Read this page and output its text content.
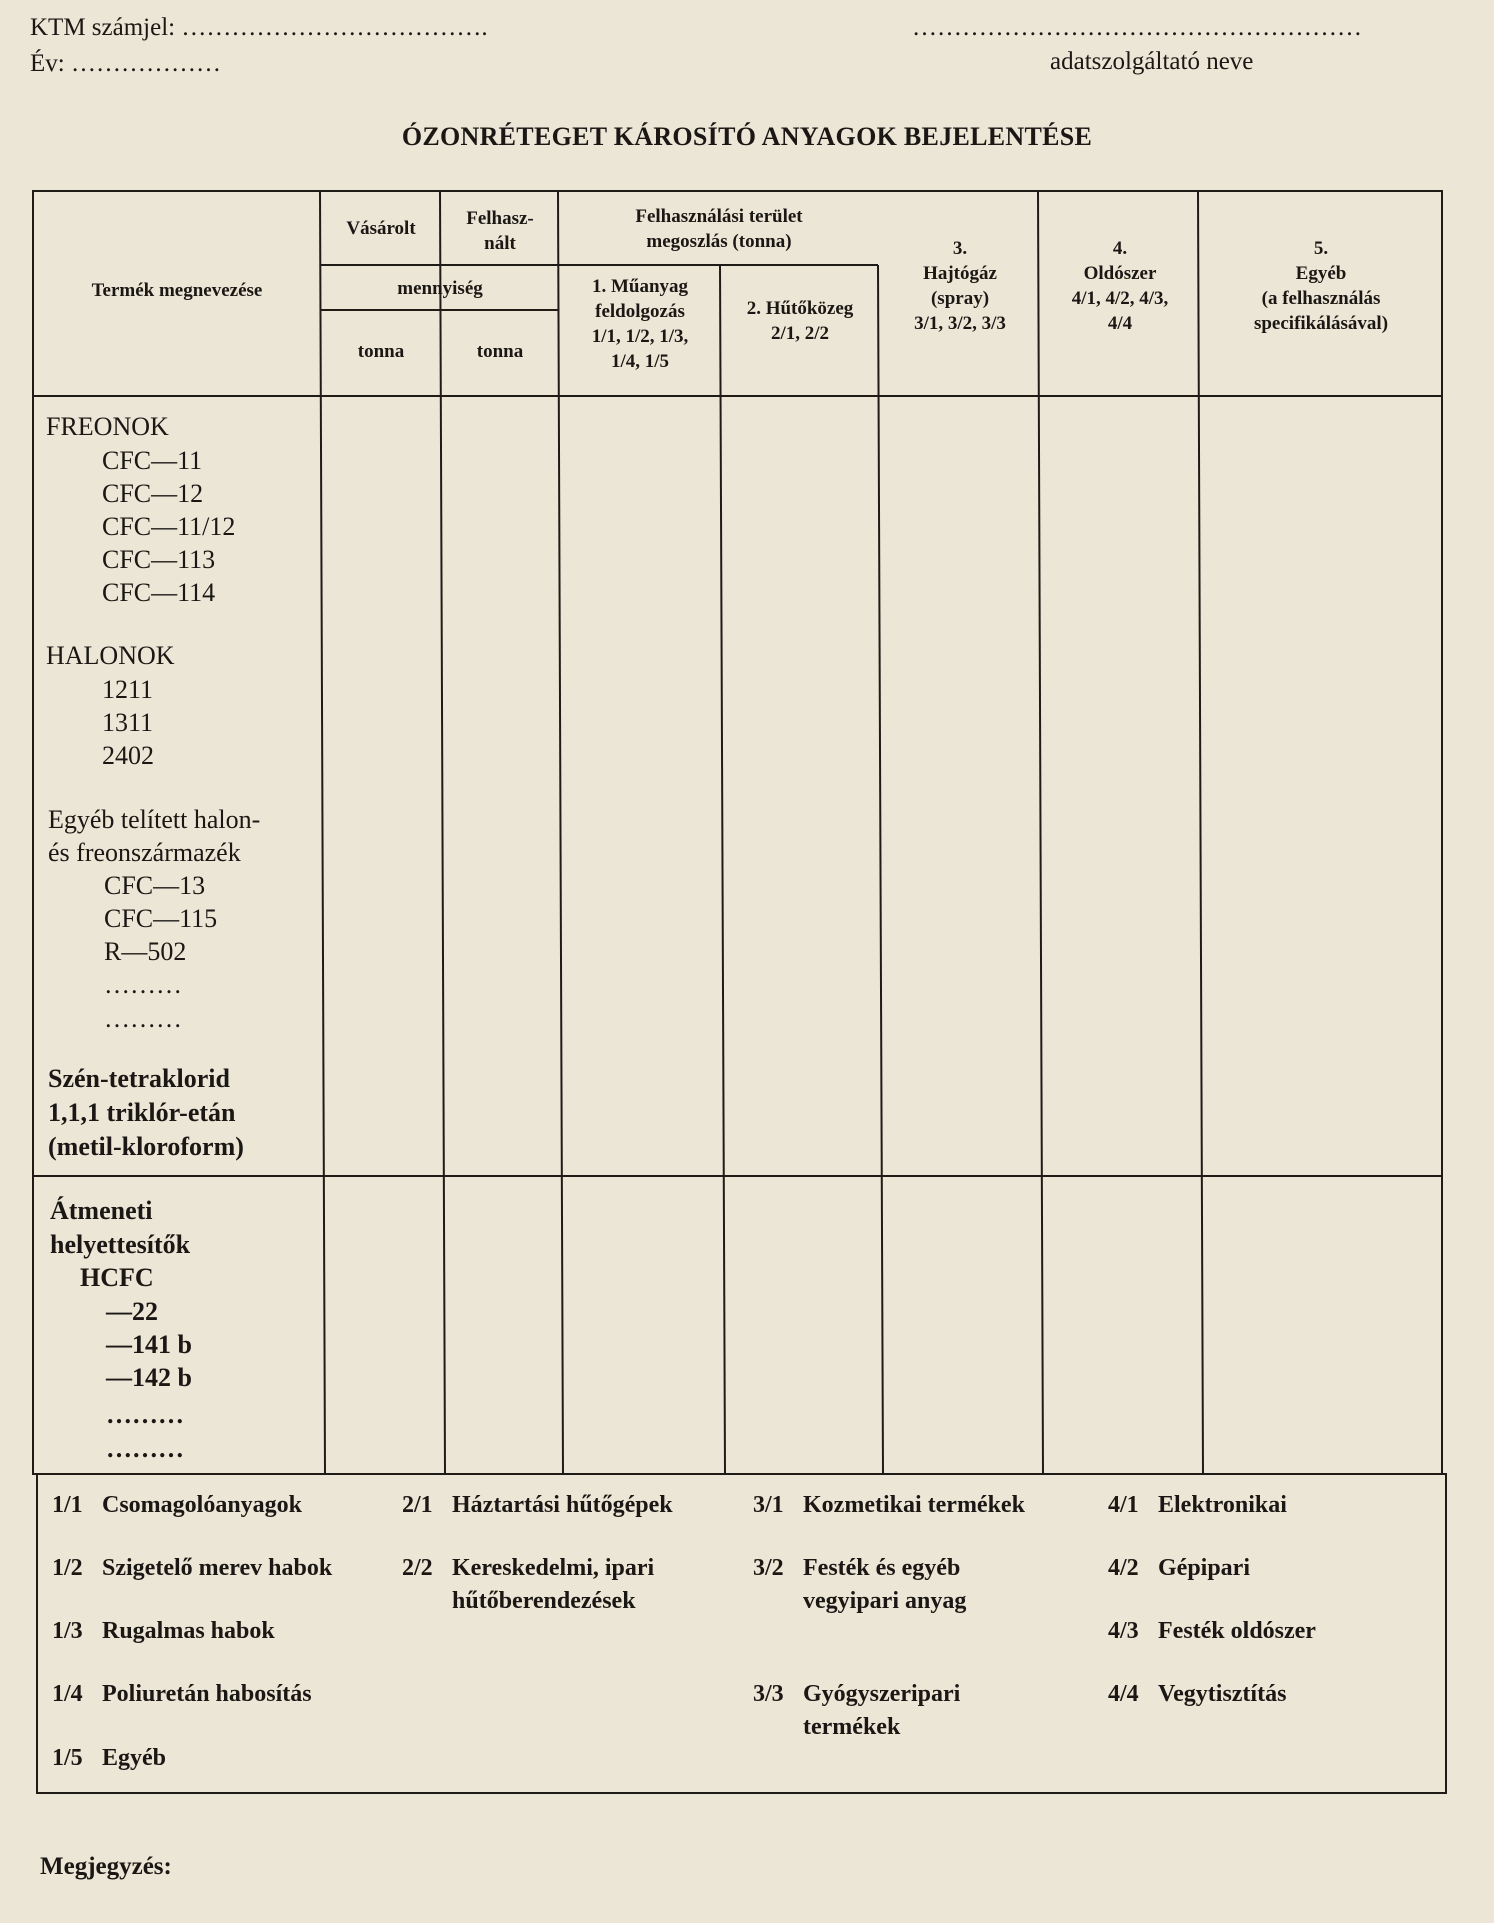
KTM számjel: ……………………………….
Év: ………………
………………………………………………
adatszolgáltató neve
ÓZONRÉTEGET KÁROSÍTÓ ANYAGOK BEJELENTÉSE
Termék megnevezése
Vásárolt	Felhasz-
nált
Felhasználási terület
megoszlás (tonna)
mennyiség
tonna	tonna
1. Műanyag
feldolgozás
1/1, 1/2, 1/3,
1/4, 1/5
2. Hűtőközeg
2/1, 2/2
3.
Hajtógáz
(spray)
3/1, 3/2, 3/3
4.
Oldószer
4/1, 4/2, 4/3,
4/4
5.
Egyéb
(a felhasználás
specifikálásával)
FREONOK
CFC—11
CFC—12
CFC—11/12
CFC—113
CFC—114
HALONOK
1211
1311
2402
Egyéb telített halon-
és freonszármazék
CFC—13
CFC—115
R—502
………
………
Szén-tetraklorid
1,1,1 triklór-etán
(metil-kloroform)
Átmeneti
helyettesítők
HCFC
—22
—141 b
—142 b
………
………
1/1 Csomagolóanyagok
1/2 Szigetelő merev habok
1/3 Rugalmas habok
1/4 Poliuretán habosítás
1/5 Egyéb
2/1 Háztartási hűtőgépek
2/2 Kereskedelmi, ipari
hűtőberendezések
3/1 Kozmetikai termékek
3/2 Festék és egyéb
vegyipari anyag
3/3 Gyógyszeripari
termékek
4/1 Elektronikai
4/2 Gépipari
4/3 Festék oldószer
4/4 Vegytisztítás
Megjegyzés:
